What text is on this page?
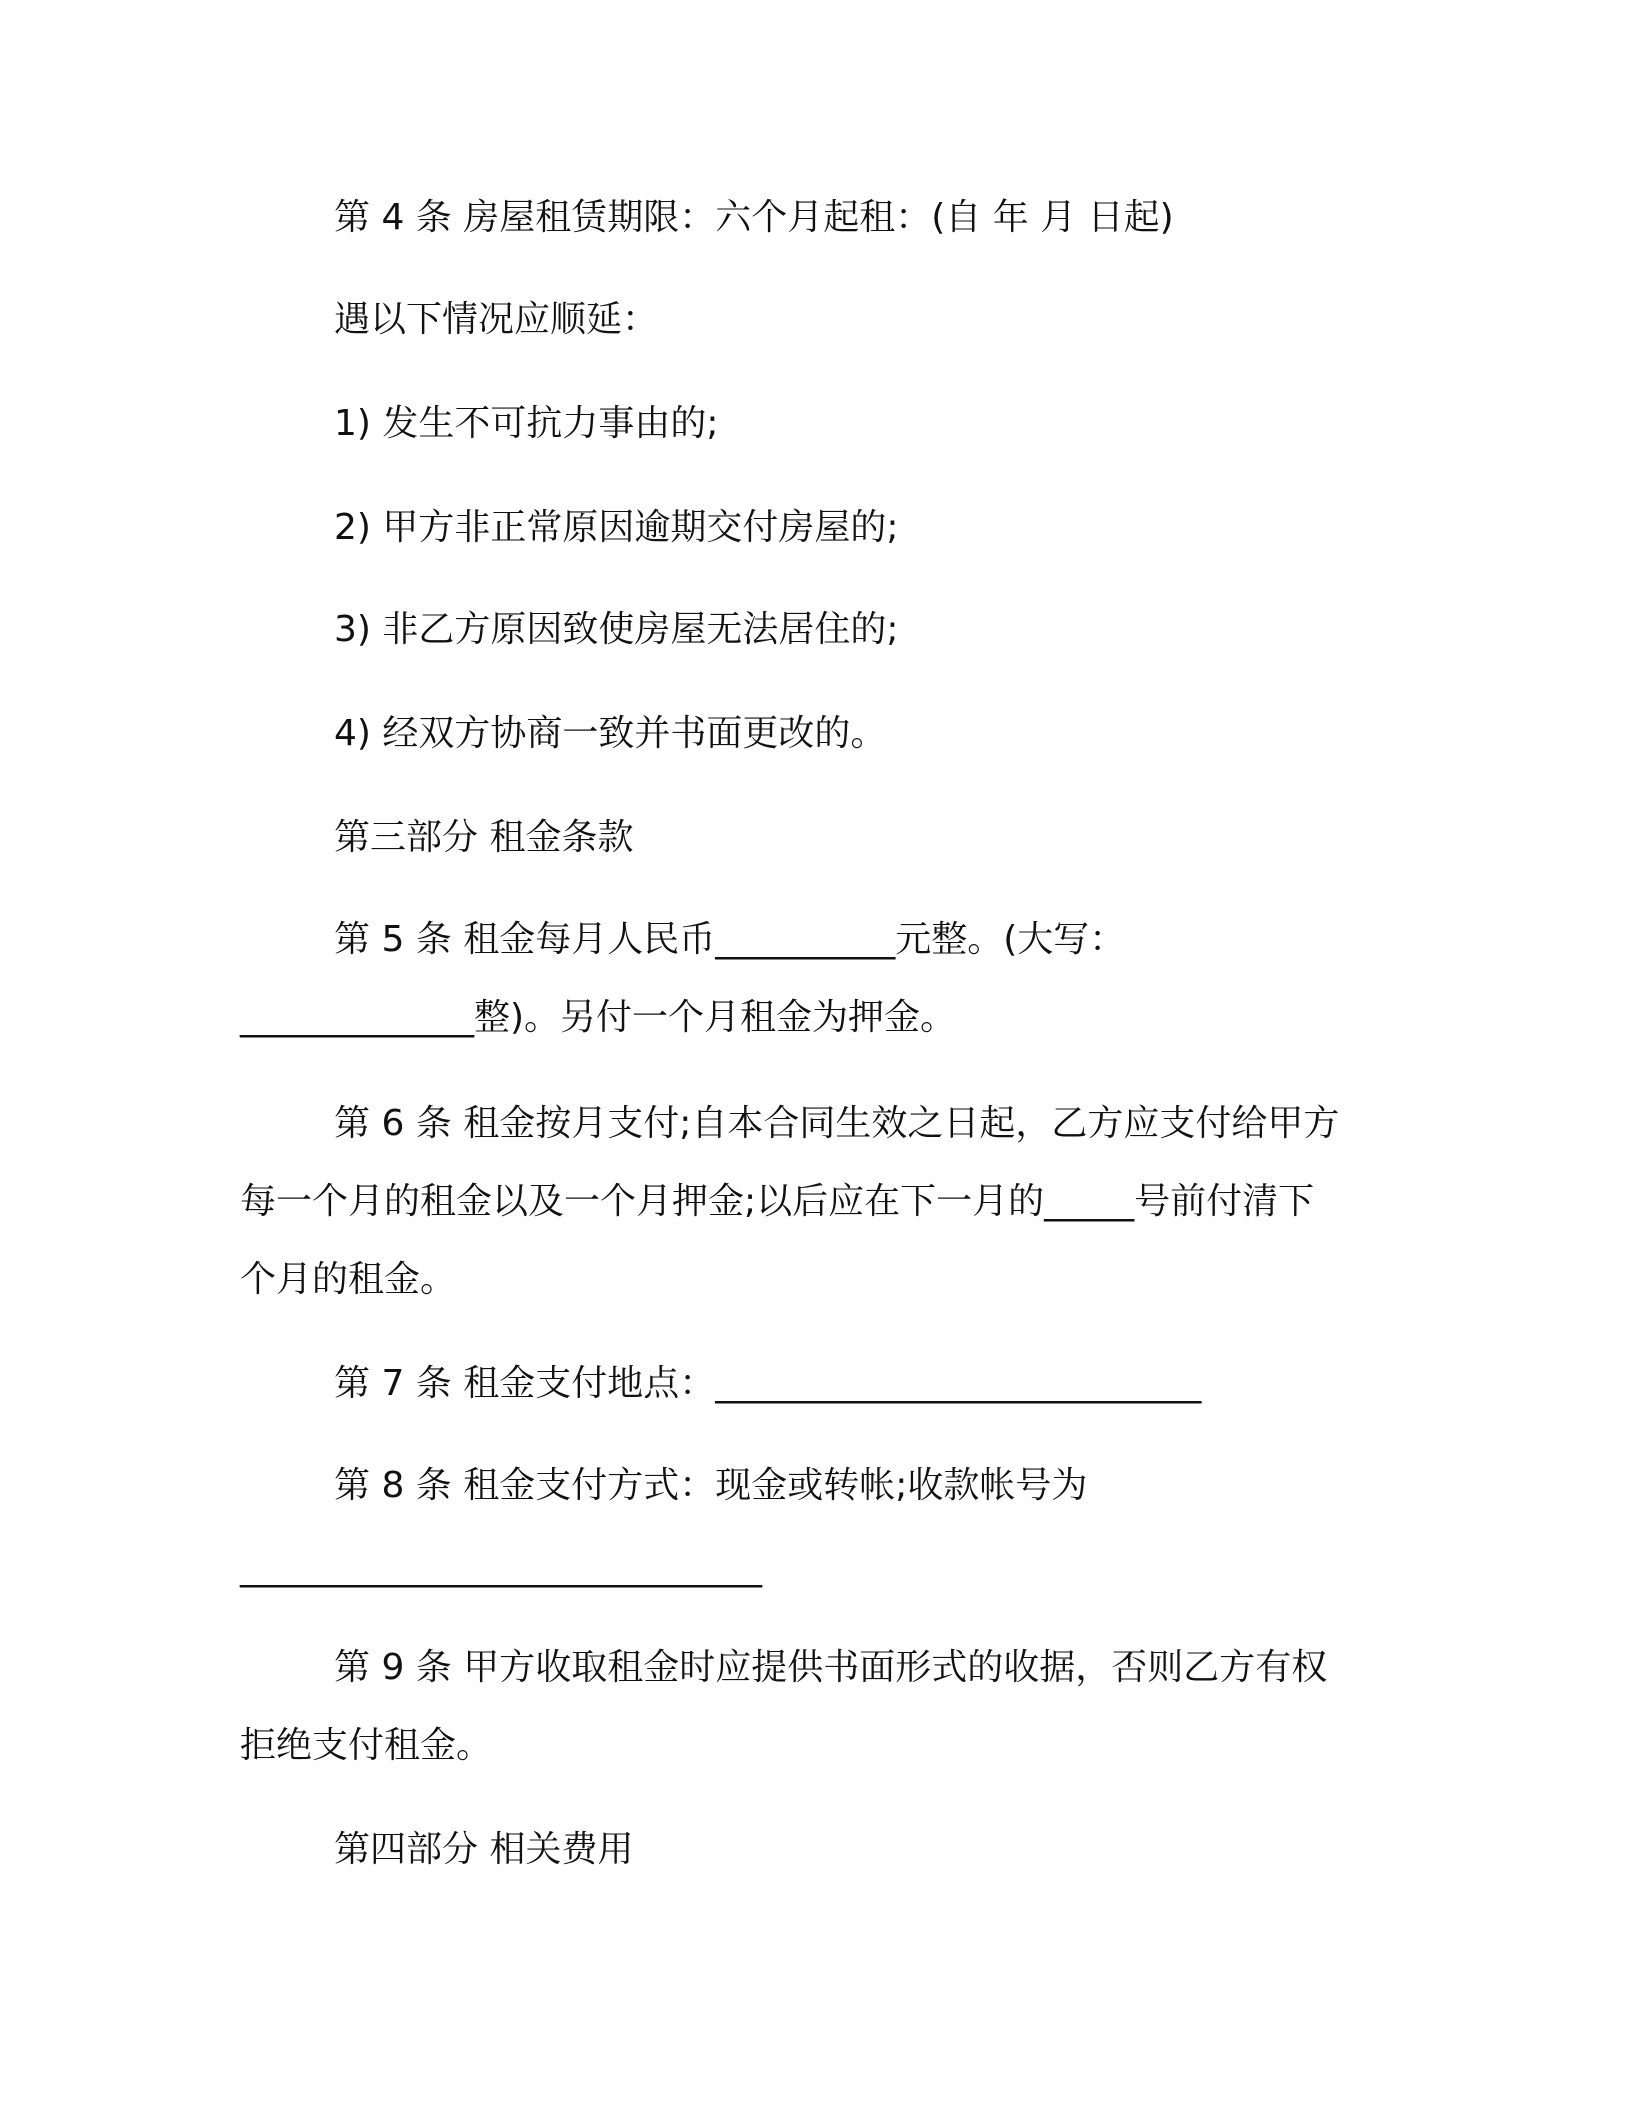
第 4 条 房屋租赁期限：六个月起租：(自 年 月 日起)
遇以下情况应顺延：
1) 发生不可抗力事由的;
2) 甲方非正常原因逾期交付房屋的;
3) 非乙方原因致使房屋无法居住的;
4) 经双方协商一致并书面更改的。
第三部分 租金条款
第 5 条 租金每月人民币__________元整。(大写：
_____________整)。另付一个月租金为押金。
第 6 条 租金按月支付;自本合同生效之日起，乙方应支付给甲方
每一个月的租金以及一个月押金;以后应在下一月的_____号前付清下
个月的租金。
第 7 条 租金支付地点：___________________________
第 8 条 租金支付方式：现金或转帐;收款帐号为
_____________________________
第 9 条 甲方收取租金时应提供书面形式的收据，否则乙方有权
拒绝支付租金。
第四部分 相关费用
